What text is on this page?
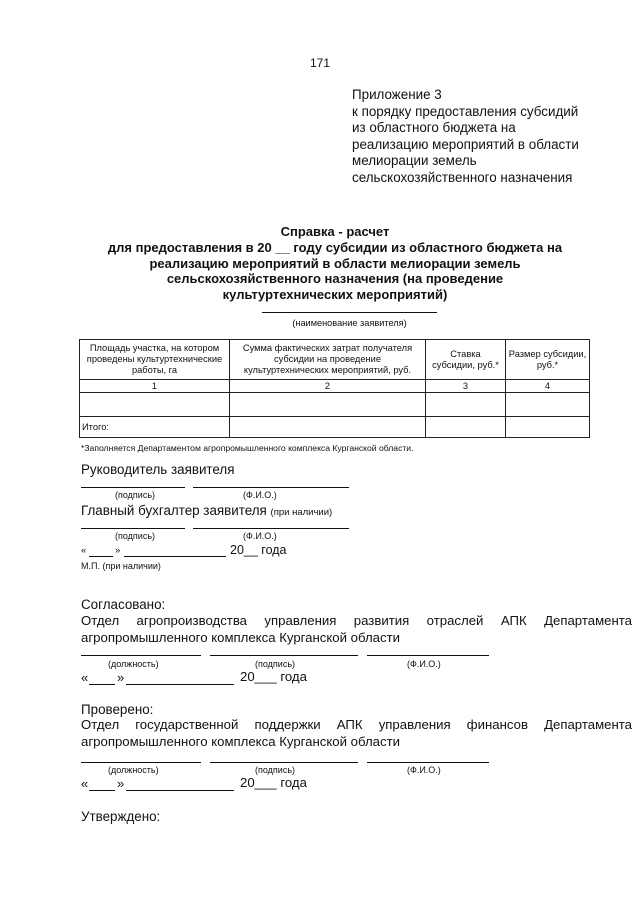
171
Приложение 3
к порядку предоставления субсидий
из областного бюджета на
реализацию мероприятий в области
мелиорации земель
сельскохозяйственного назначения
Справка - расчет
для предоставления в 20 __ году субсидии из областного бюджета на
реализацию мероприятий в области мелиорации земель
сельскохозяйственного назначения (на проведение
культуртехнических мероприятий)
(наименование заявителя)
Площадь участка, на котором проведены культуртехнические работы, га	Сумма фактических затрат получателя субсидии на проведение культуртехнических мероприятий, руб.	Ставка субсидии, руб.*	Размер субсидии, руб.*
1	2	3	4

Итого:			
*Заполняется Департаментом агропромышленного комплекса Курганской области.
Руководитель заявителя
(подпись)	(Ф.И.О.)
Главный бухгалтер заявителя (при наличии)
(подпись)	(Ф.И.О.)
«	»	20__ года
М.П. (при наличии)
Согласовано:
Отдел агропроизводства управления развития отраслей АПК Департамента
агропромышленного комплекса Курганской области
(должность)	(подпись)	(Ф.И.О.)
« »	20___ года
Проверено:
Отдел государственной поддержки АПК управления финансов Департамента
агропромышленного комплекса Курганской области
(должность)	(подпись)	(Ф.И.О.)
« »	20___ года
Утверждено:
